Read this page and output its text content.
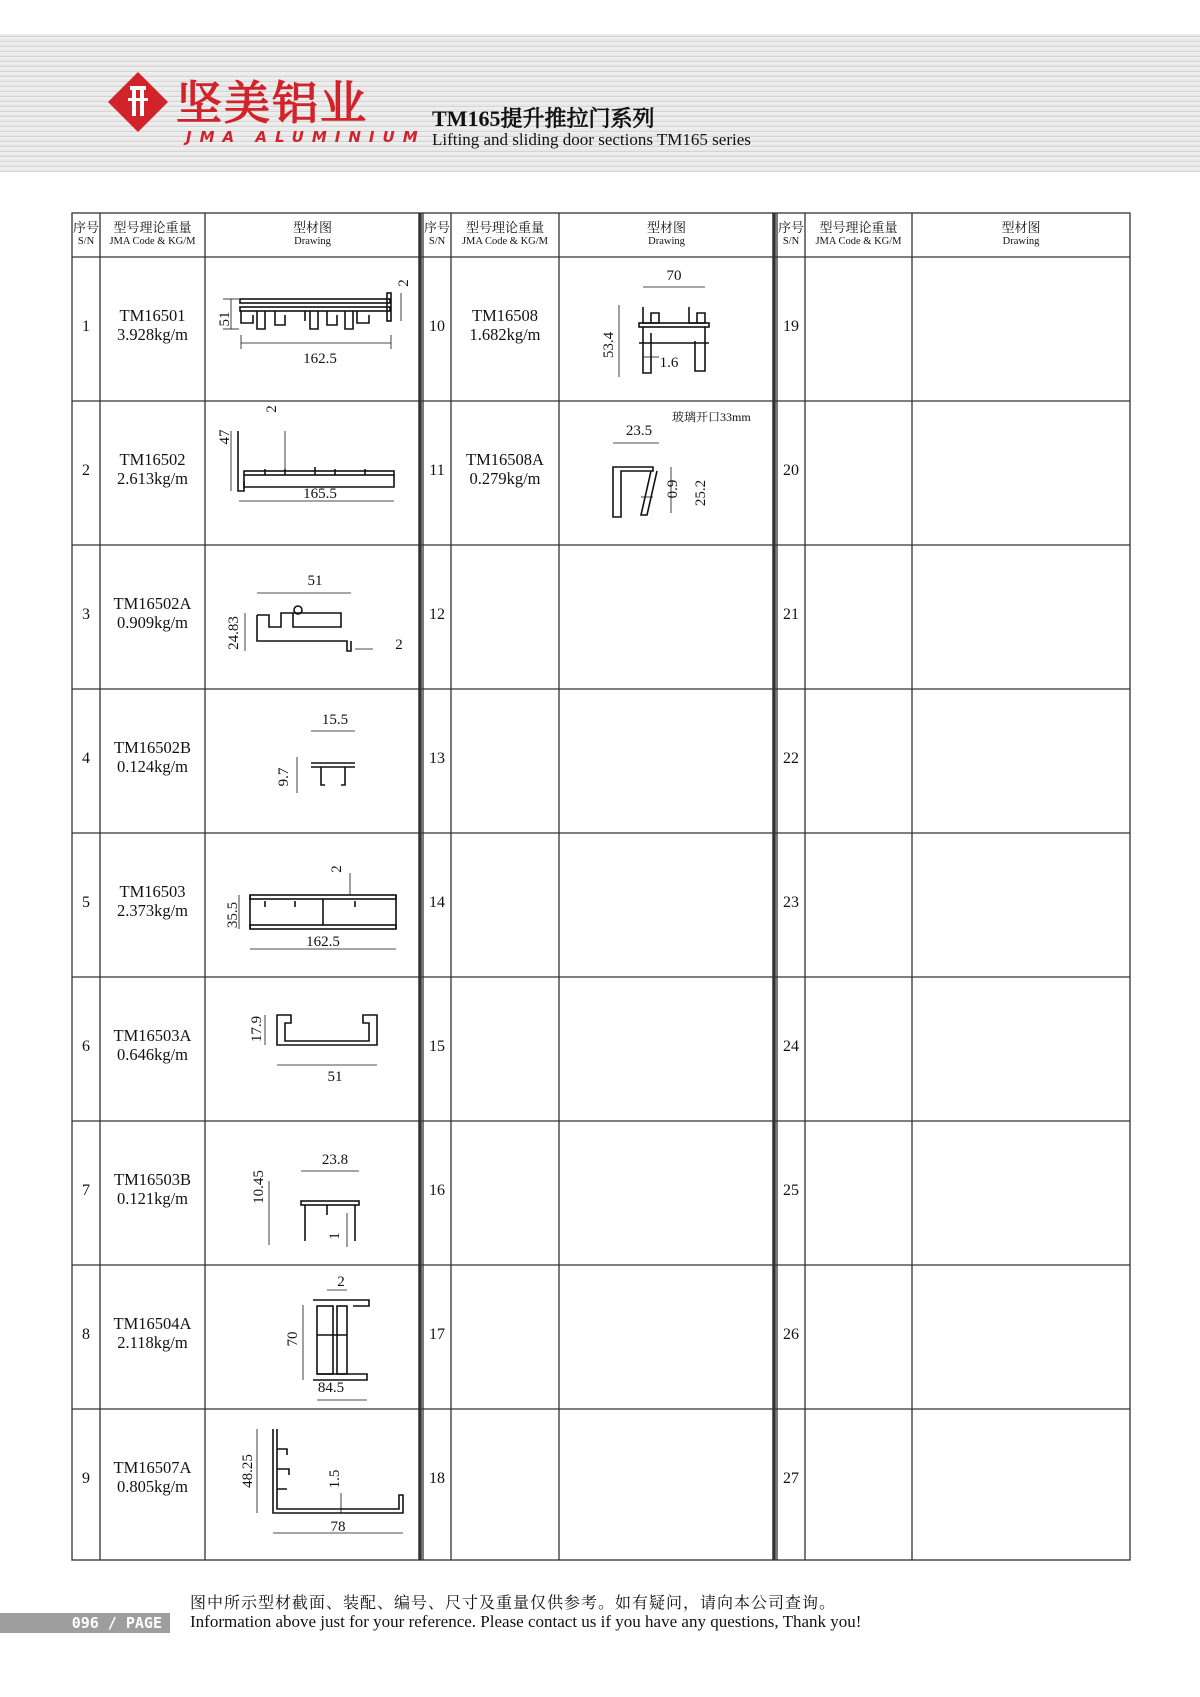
坚美铝业
JMA ALUMINIUM
TM165提升推拉门系列
Lifting and sliding door sections TM165 series
序号
S/N
型号理论重量
JMA Code & KG/M
型材图
Drawing
序号
S/N
型号理论重量
JMA Code & KG/M
型材图
Drawing
序号
S/N
型号理论重量
JMA Code & KG/M
型材图
Drawing
1
TM16501
3.928kg/m
2
TM16502
2.613kg/m
3
TM16502A
0.909kg/m
4
TM16502B
0.124kg/m
5
TM16503
2.373kg/m
6
TM16503A
0.646kg/m
7
TM16503B
0.121kg/m
8
TM16504A
2.118kg/m
9
TM16507A
0.805kg/m
10
TM16508
1.682kg/m
11
TM16508A
0.279kg/m
玻璃开口33mm
12
13
14
15
16
17
18
19
20
21
22
23
24
25
26
27
51
2
162.5
47
2
165.5
51
24.83	2
15.5
9.7
35.5
2
162.5
17.9
51
23.8
10.45
1
2
70
84.5
48.25	1.5
78
70
53.4
1.6
23.5
0.9 25.2
096 / PAGE
图中所示型材截面、装配、编号、尺寸及重量仅供参考。如有疑问，请向本公司查询。
Information above just for your reference. Please contact us if you have any questions, Thank you!
